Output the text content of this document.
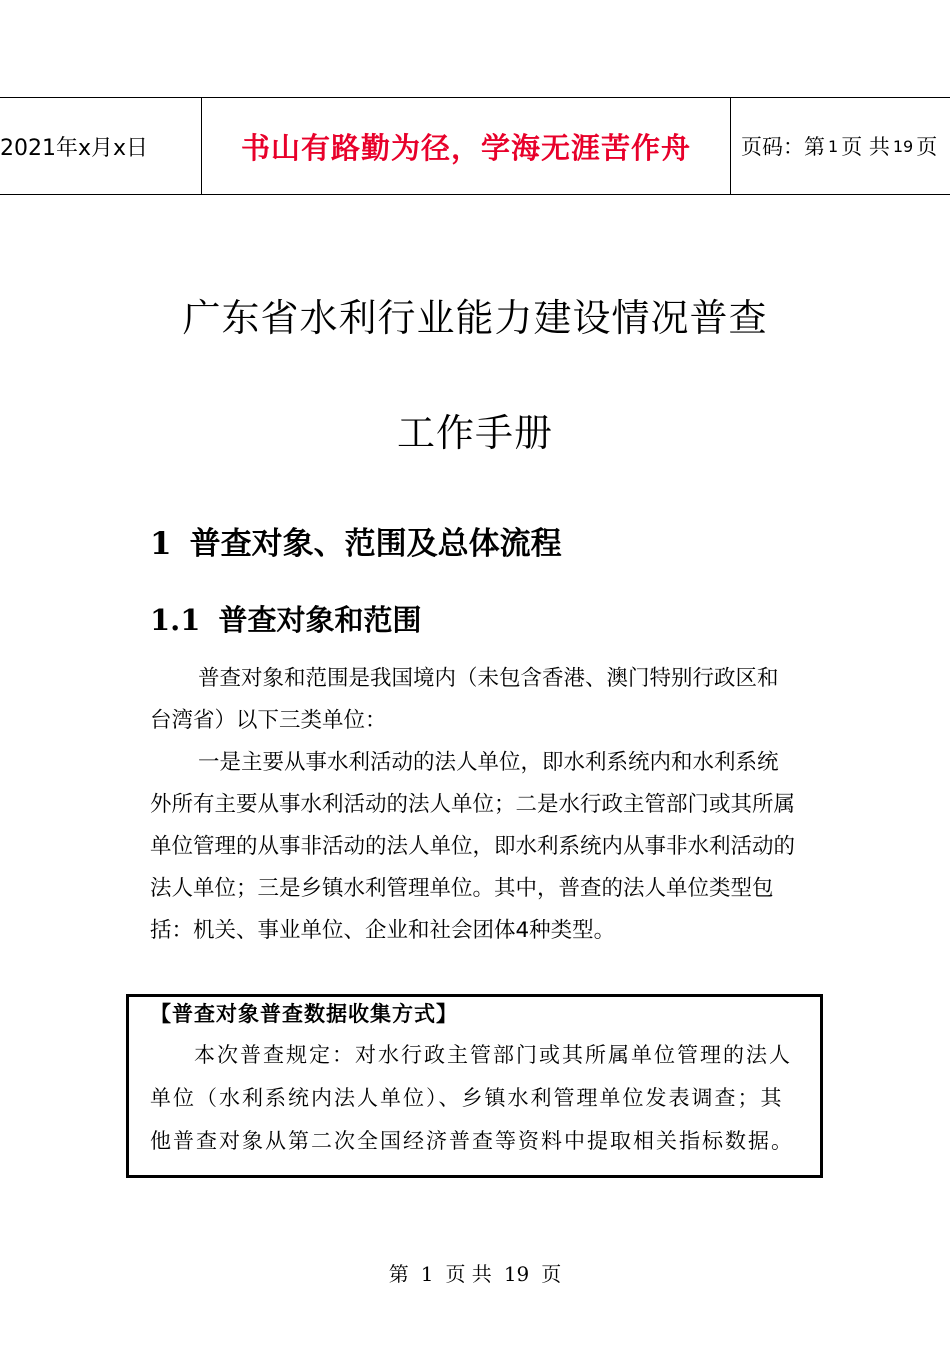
2021年x月x日	书山有路勤为径，学海无涯苦作舟 页码：第 1 页 共 19 页
广东省水利行业能力建设情况普查
工作手册
1 普查对象、范围及总体流程
1.1 普查对象和范围
普查对象和范围是我国境内（未包含香港、澳门特别行政区和台湾省）以下三类单位：
一是主要从事水利活动的法人单位，即水利系统内和水利系统外所有主要从事水利活动的法人单位；二是水行政主管部门或其所属单位管理的从事非活动的法人单位，即水利系统内从事非水利活动的法人单位；三是乡镇水利管理单位。其中，普查的法人单位类型包括：机关、事业单位、企业和社会团体4种类型。
【普查对象普查数据收集方式】
本次普查规定：对水行政主管部门或其所属单位管理的法人单位（水利系统内法人单位）、乡镇水利管理单位发表调查；其他普查对象从第二次全国经济普查等资料中提取相关指标数据。
第 1 页 共 19 页
